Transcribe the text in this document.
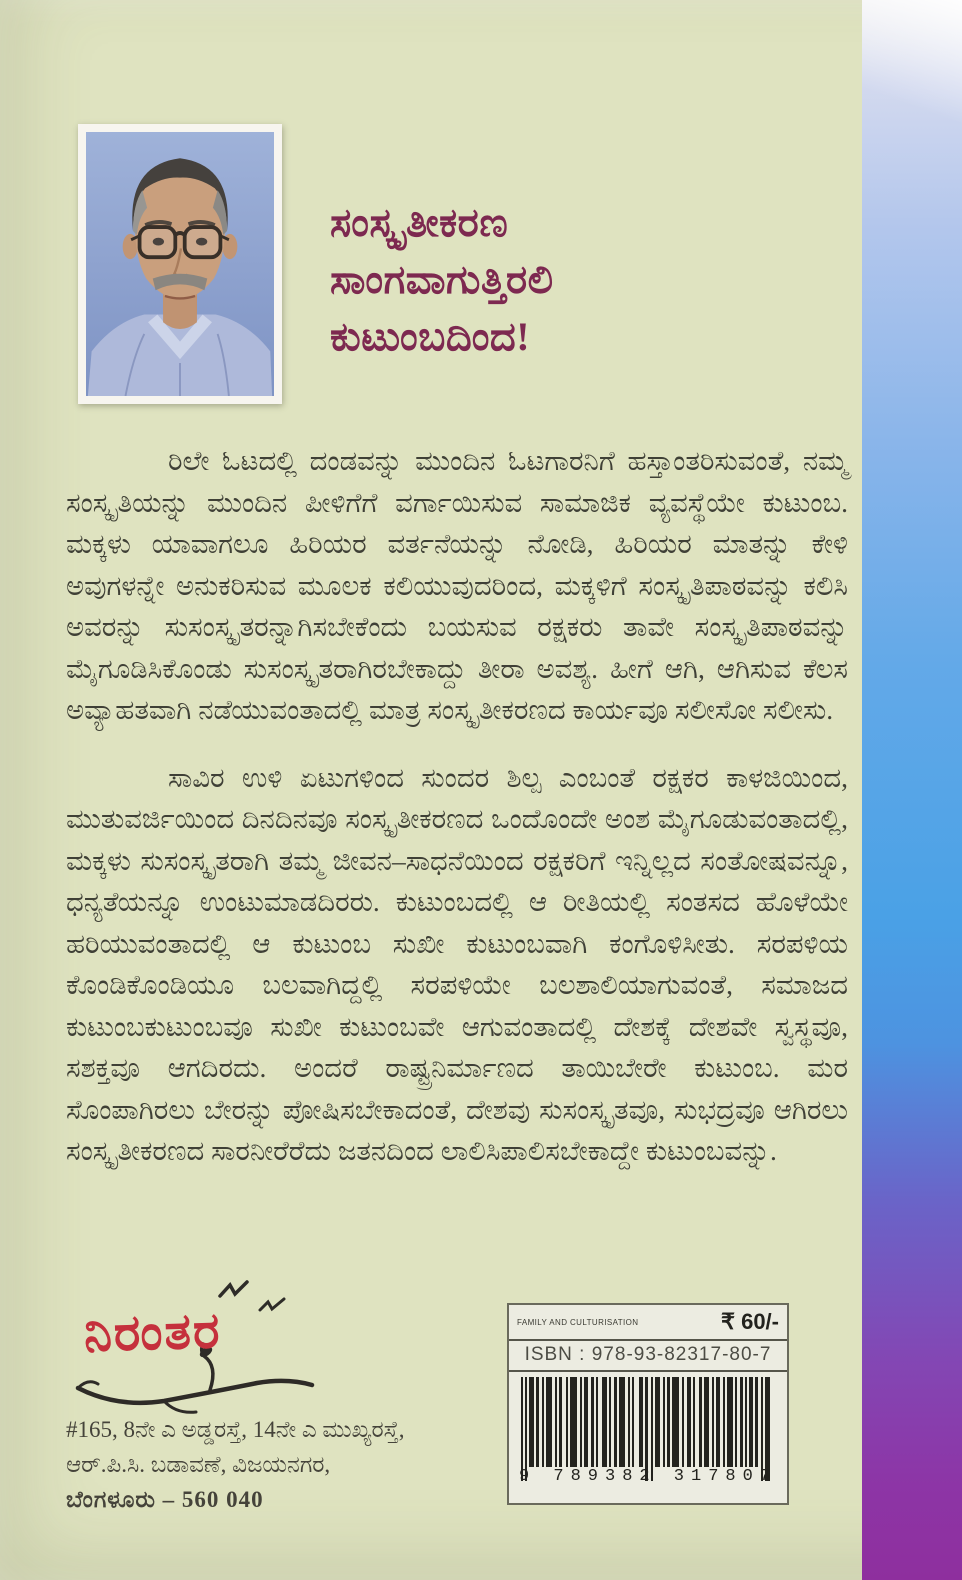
ಸಂಸ್ಕೃತೀಕರಣ
ಸಾಂಗವಾಗುತ್ತಿರಲಿ
ಕುಟುಂಬದಿಂದ!

ರಿಲೇ ಓಟದಲ್ಲಿ ದಂಡವನ್ನು ಮುಂದಿನ ಓಟಗಾರನಿಗೆ ಹಸ್ತಾಂತರಿಸುವಂತೆ, ನಮ್ಮ ಸಂಸ್ಕೃತಿಯನ್ನು ಮುಂದಿನ ಪೀಳಿಗೆಗೆ ವರ್ಗಾಯಿಸುವ ಸಾಮಾಜಿಕ ವ್ಯವಸ್ಥೆಯೇ ಕುಟುಂಬ. ಮಕ್ಕಳು ಯಾವಾಗಲೂ ಹಿರಿಯರ ವರ್ತನೆಯನ್ನು ನೋಡಿ, ಹಿರಿಯರ ಮಾತನ್ನು ಕೇಳಿ ಅವುಗಳನ್ನೇ ಅನುಕರಿಸುವ ಮೂಲಕ ಕಲಿಯುವುದರಿಂದ, ಮಕ್ಕಳಿಗೆ ಸಂಸ್ಕೃತಿಪಾಠವನ್ನು ಕಲಿಸಿ ಅವರನ್ನು ಸುಸಂಸ್ಕೃತರನ್ನಾಗಿಸಬೇಕೆಂದು ಬಯಸುವ ರಕ್ಷಕರು ತಾವೇ ಸಂಸ್ಕೃತಿಪಾಠವನ್ನು ಮೈಗೂಡಿಸಿಕೊಂಡು ಸುಸಂಸ್ಕೃತರಾಗಿರಬೇಕಾದ್ದು ತೀರಾ ಅವಶ್ಯ. ಹೀಗೆ ಆಗಿ, ಆಗಿಸುವ ಕೆಲಸ ಅವ್ಯಾಹತವಾಗಿ ನಡೆಯುವಂತಾದಲ್ಲಿ ಮಾತ್ರ ಸಂಸ್ಕೃತೀಕರಣದ ಕಾರ್ಯವೂ ಸಲೀಸೋ ಸಲೀಸು.

ಸಾವಿರ ಉಳಿ ಏಟುಗಳಿಂದ ಸುಂದರ ಶಿಲ್ಪ ಎಂಬಂತೆ ರಕ್ಷಕರ ಕಾಳಜಿಯಿಂದ, ಮುತುವರ್ಜಿಯಿಂದ ದಿನದಿನವೂ ಸಂಸ್ಕೃತೀಕರಣದ ಒಂದೊಂದೇ ಅಂಶ ಮೈಗೂಡುವಂತಾದಲ್ಲಿ, ಮಕ್ಕಳು ಸುಸಂಸ್ಕೃತರಾಗಿ ತಮ್ಮ ಜೀವನ–ಸಾಧನೆಯಿಂದ ರಕ್ಷಕರಿಗೆ ಇನ್ನಿಲ್ಲದ ಸಂತೋಷವನ್ನೂ, ಧನ್ಯತೆಯನ್ನೂ ಉಂಟುಮಾಡದಿರರು. ಕುಟುಂಬದಲ್ಲಿ ಆ ರೀತಿಯಲ್ಲಿ ಸಂತಸದ ಹೊಳೆಯೇ ಹರಿಯುವಂತಾದಲ್ಲಿ ಆ ಕುಟುಂಬ ಸುಖೀ ಕುಟುಂಬವಾಗಿ ಕಂಗೊಳಿಸೀತು. ಸರಪಳಿಯ ಕೊಂಡಿಕೊಂಡಿಯೂ ಬಲವಾಗಿದ್ದಲ್ಲಿ ಸರಪಳಿಯೇ ಬಲಶಾಲಿಯಾಗುವಂತೆ, ಸಮಾಜದ ಕುಟುಂಬಕುಟುಂಬವೂ ಸುಖೀ ಕುಟುಂಬವೇ ಆಗುವಂತಾದಲ್ಲಿ ದೇಶಕ್ಕೆ ದೇಶವೇ ಸ್ವಸ್ಥವೂ, ಸಶಕ್ತವೂ ಆಗದಿರದು. ಅಂದರೆ ರಾಷ್ಟ್ರನಿರ್ಮಾಣದ ತಾಯಿಬೇರೇ ಕುಟುಂಬ. ಮರ ಸೊಂಪಾಗಿರಲು ಬೇರನ್ನು ಪೋಷಿಸಬೇಕಾದಂತೆ, ದೇಶವು ಸುಸಂಸ್ಕೃತವೂ, ಸುಭದ್ರವೂ ಆಗಿರಲು ಸಂಸ್ಕೃತೀಕರಣದ ಸಾರನೀರೆರೆದು ಜತನದಿಂದ ಲಾಲಿಸಿಪಾಲಿಸಬೇಕಾದ್ದೇ ಕುಟುಂಬವನ್ನು.

ನಿರಂತರ
#165, 8ನೇ ಎ ಅಡ್ಡರಸ್ತೆ, 14ನೇ ಎ ಮುಖ್ಯರಸ್ತೆ,
ಆರ್.ಪಿ.ಸಿ. ಬಡಾವಣೆ, ವಿಜಯನಗರ,
ಬೆಂಗಳೂರು – 560 040
FAMILY AND CULTURISATION	₹ 60/-
ISBN : 978-93-82317-80-7
9 789382 317807
